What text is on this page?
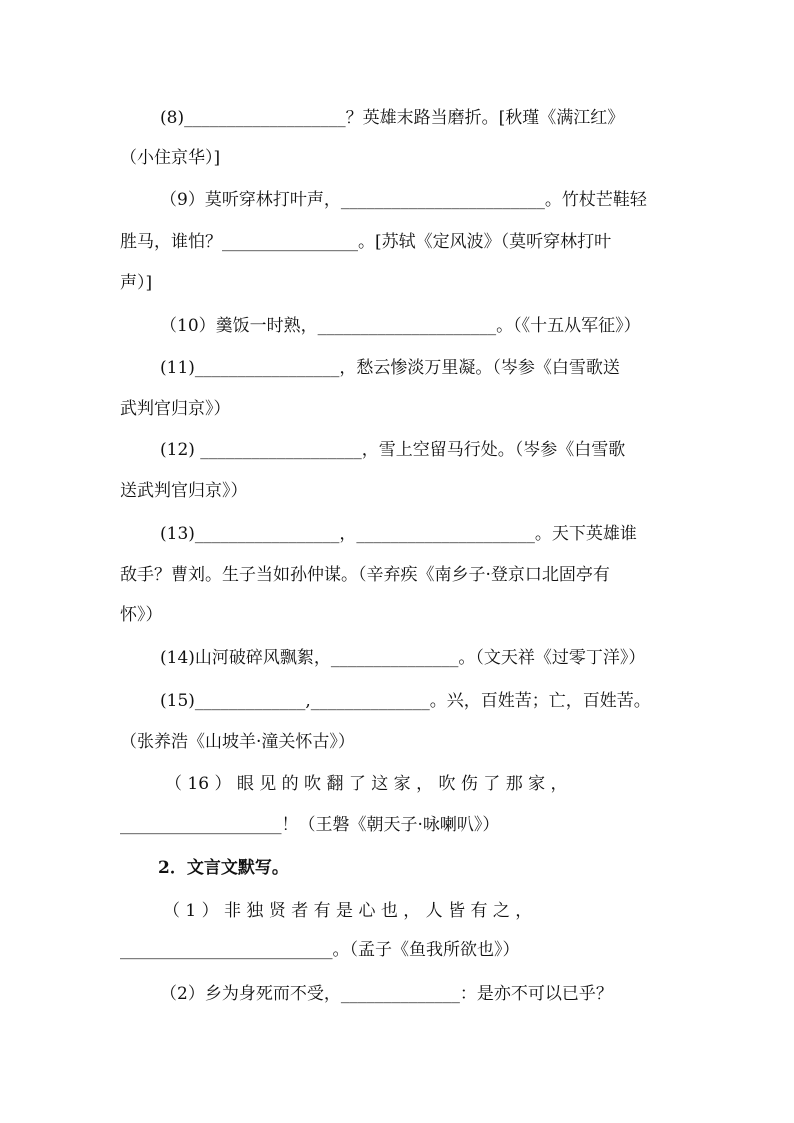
(8)___________________？英雄末路当磨折。[秋瑾《满江红》
（小住京华）]
（9）莫听穿林打叶声，________________________。竹杖芒鞋轻
胜马，谁怕？________________。[苏轼《定风波》（莫听穿林打叶
声）]
（10）羹饭一时熟，_____________________。（《十五从军征》）
(11)_________________，愁云惨淡万里凝。（岑参《白雪歌送
武判官归京》）
(12) ___________________，雪上空留马行处。（岑参《白雪歌
送武判官归京》）
(13)_________________，_____________________。天下英雄谁
敌手？曹刘。生子当如孙仲谋。（辛弃疾《南乡子·登京口北固亭有
怀》）
(14)山河破碎风飘絮，_______________。（文天祥《过零丁洋》）
(15)_____________,______________。兴，百姓苦；亡，百姓苦。
（张养浩《山坡羊·潼关怀古》）
（ 16 ） 眼 见 的 吹 翻 了 这 家 ， 吹 伤 了 那 家 ，
___________________！（王磐《朝天子·咏喇叭》）
2．文言文默写。
（ 1 ） 非 独 贤 者 有 是 心 也 ， 人 皆 有 之 ，
_________________________。（孟子《鱼我所欲也》）
（2）乡为身死而不受，______________：是亦不可以已乎？
